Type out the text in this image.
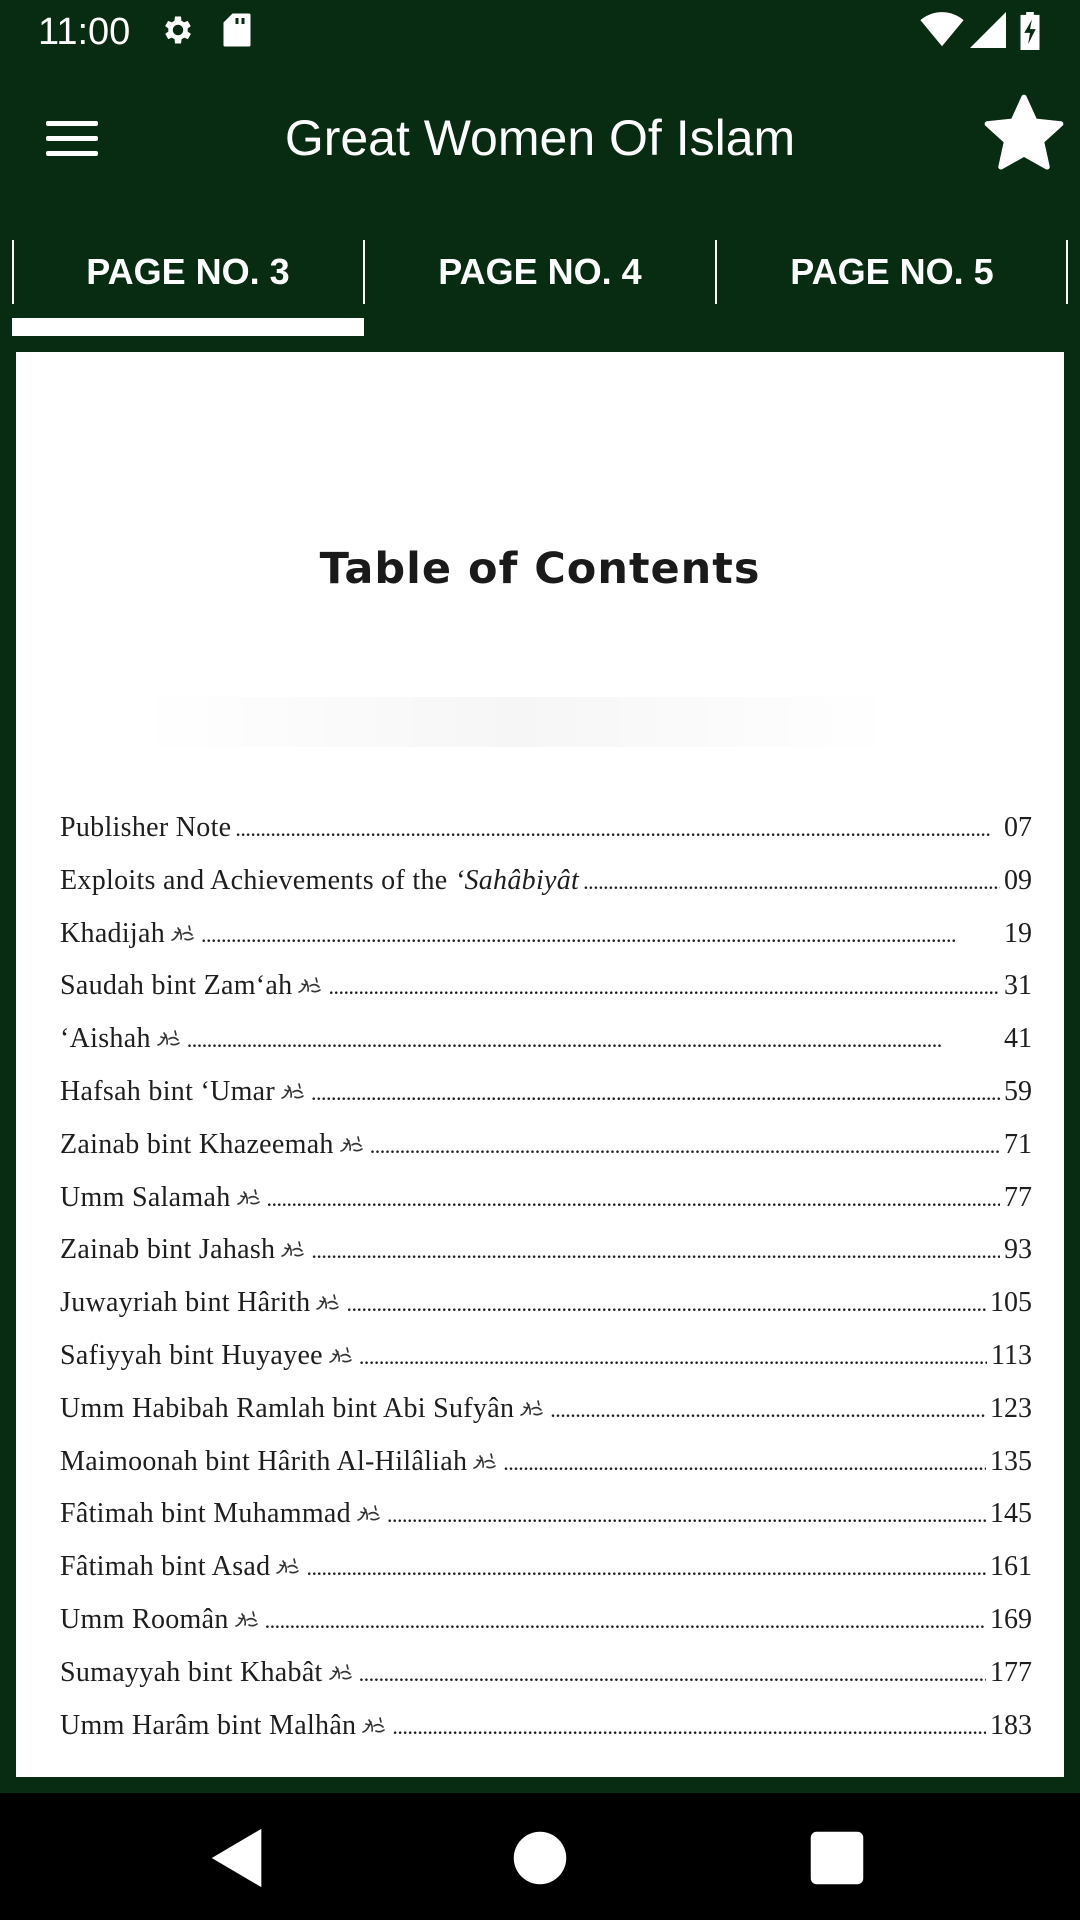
11:00
Great Women Of Islam
PAGE NO. 3	PAGE NO. 4	PAGE NO. 5
Table of Contents
Publisher Note . . .	07
Exploits and Achievements of the ‘Sahâbiyât . . .	09
Khadijah . . .	19
Saudah bint Zam‘ah . . .	31
‘Aishah . . .	41
Hafsah bint ‘Umar . . .	59
Zainab bint Khazeemah . . .	71
Umm Salamah . . .	77
Zainab bint Jahash . . .	93
Juwayriah bint Hârith . . .	105
Safiyyah bint Huyayee . . .	113
Umm Habibah Ramlah bint Abi Sufyân . . .	123
Maimoonah bint Hârith Al-Hilâliah . . .	135
Fâtimah bint Muhammad . . .	145
Fâtimah bint Asad . . .	161
Umm Roomân . . .	169
Sumayyah bint Khabât . . .	177
Umm Harâm bint Malhân . . .	183
